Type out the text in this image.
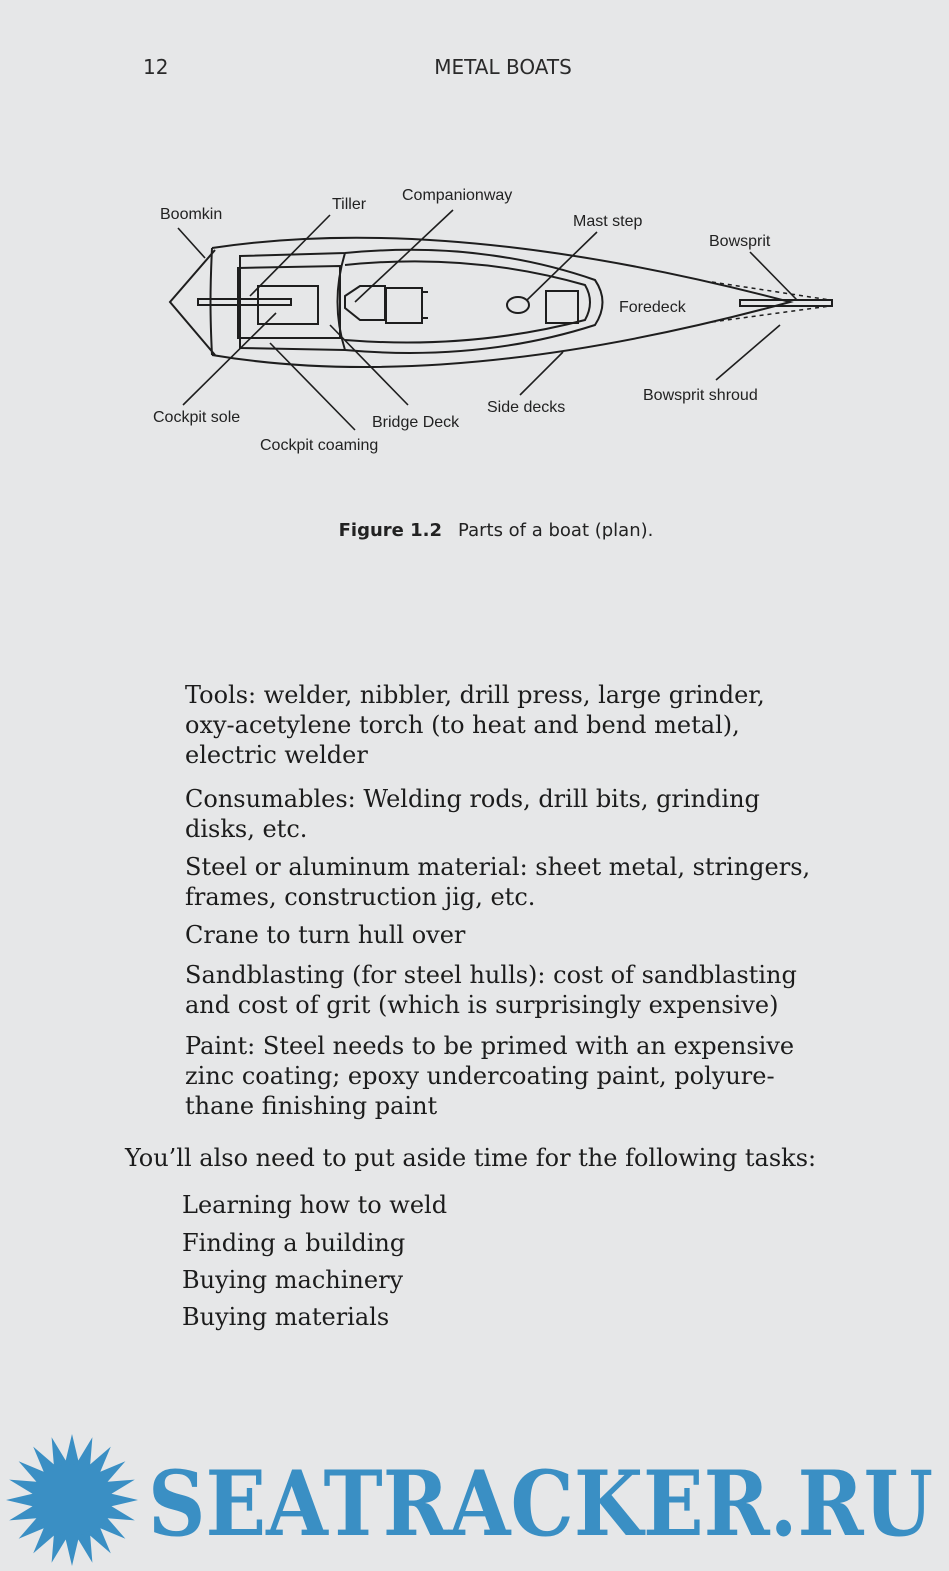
12	METAL BOATS
Boomkin
Tiller
Companionway
Mast step
Bowsprit
Foredeck
Bowsprit shroud
Side decks
Bridge Deck
Cockpit sole
Cockpit coaming
Figure 1.2 Parts of a boat (plan).
Tools: welder, nibbler, drill press, large grinder,
oxy-acetylene torch (to heat and bend metal),
electric welder
Consumables: Welding rods, drill bits, grinding
disks, etc.
Steel or aluminum material: sheet metal, stringers,
frames, construction jig, etc.
Crane to turn hull over
Sandblasting (for steel hulls): cost of sandblasting
and cost of grit (which is surprisingly expensive)
Paint: Steel needs to be primed with an expensive
zinc coating; epoxy undercoating paint, polyure-
thane finishing paint
You’ll also need to put aside time for the following tasks:
Learning how to weld
Finding a building
Buying machinery
Buying materials
SEATRACKER.RU
